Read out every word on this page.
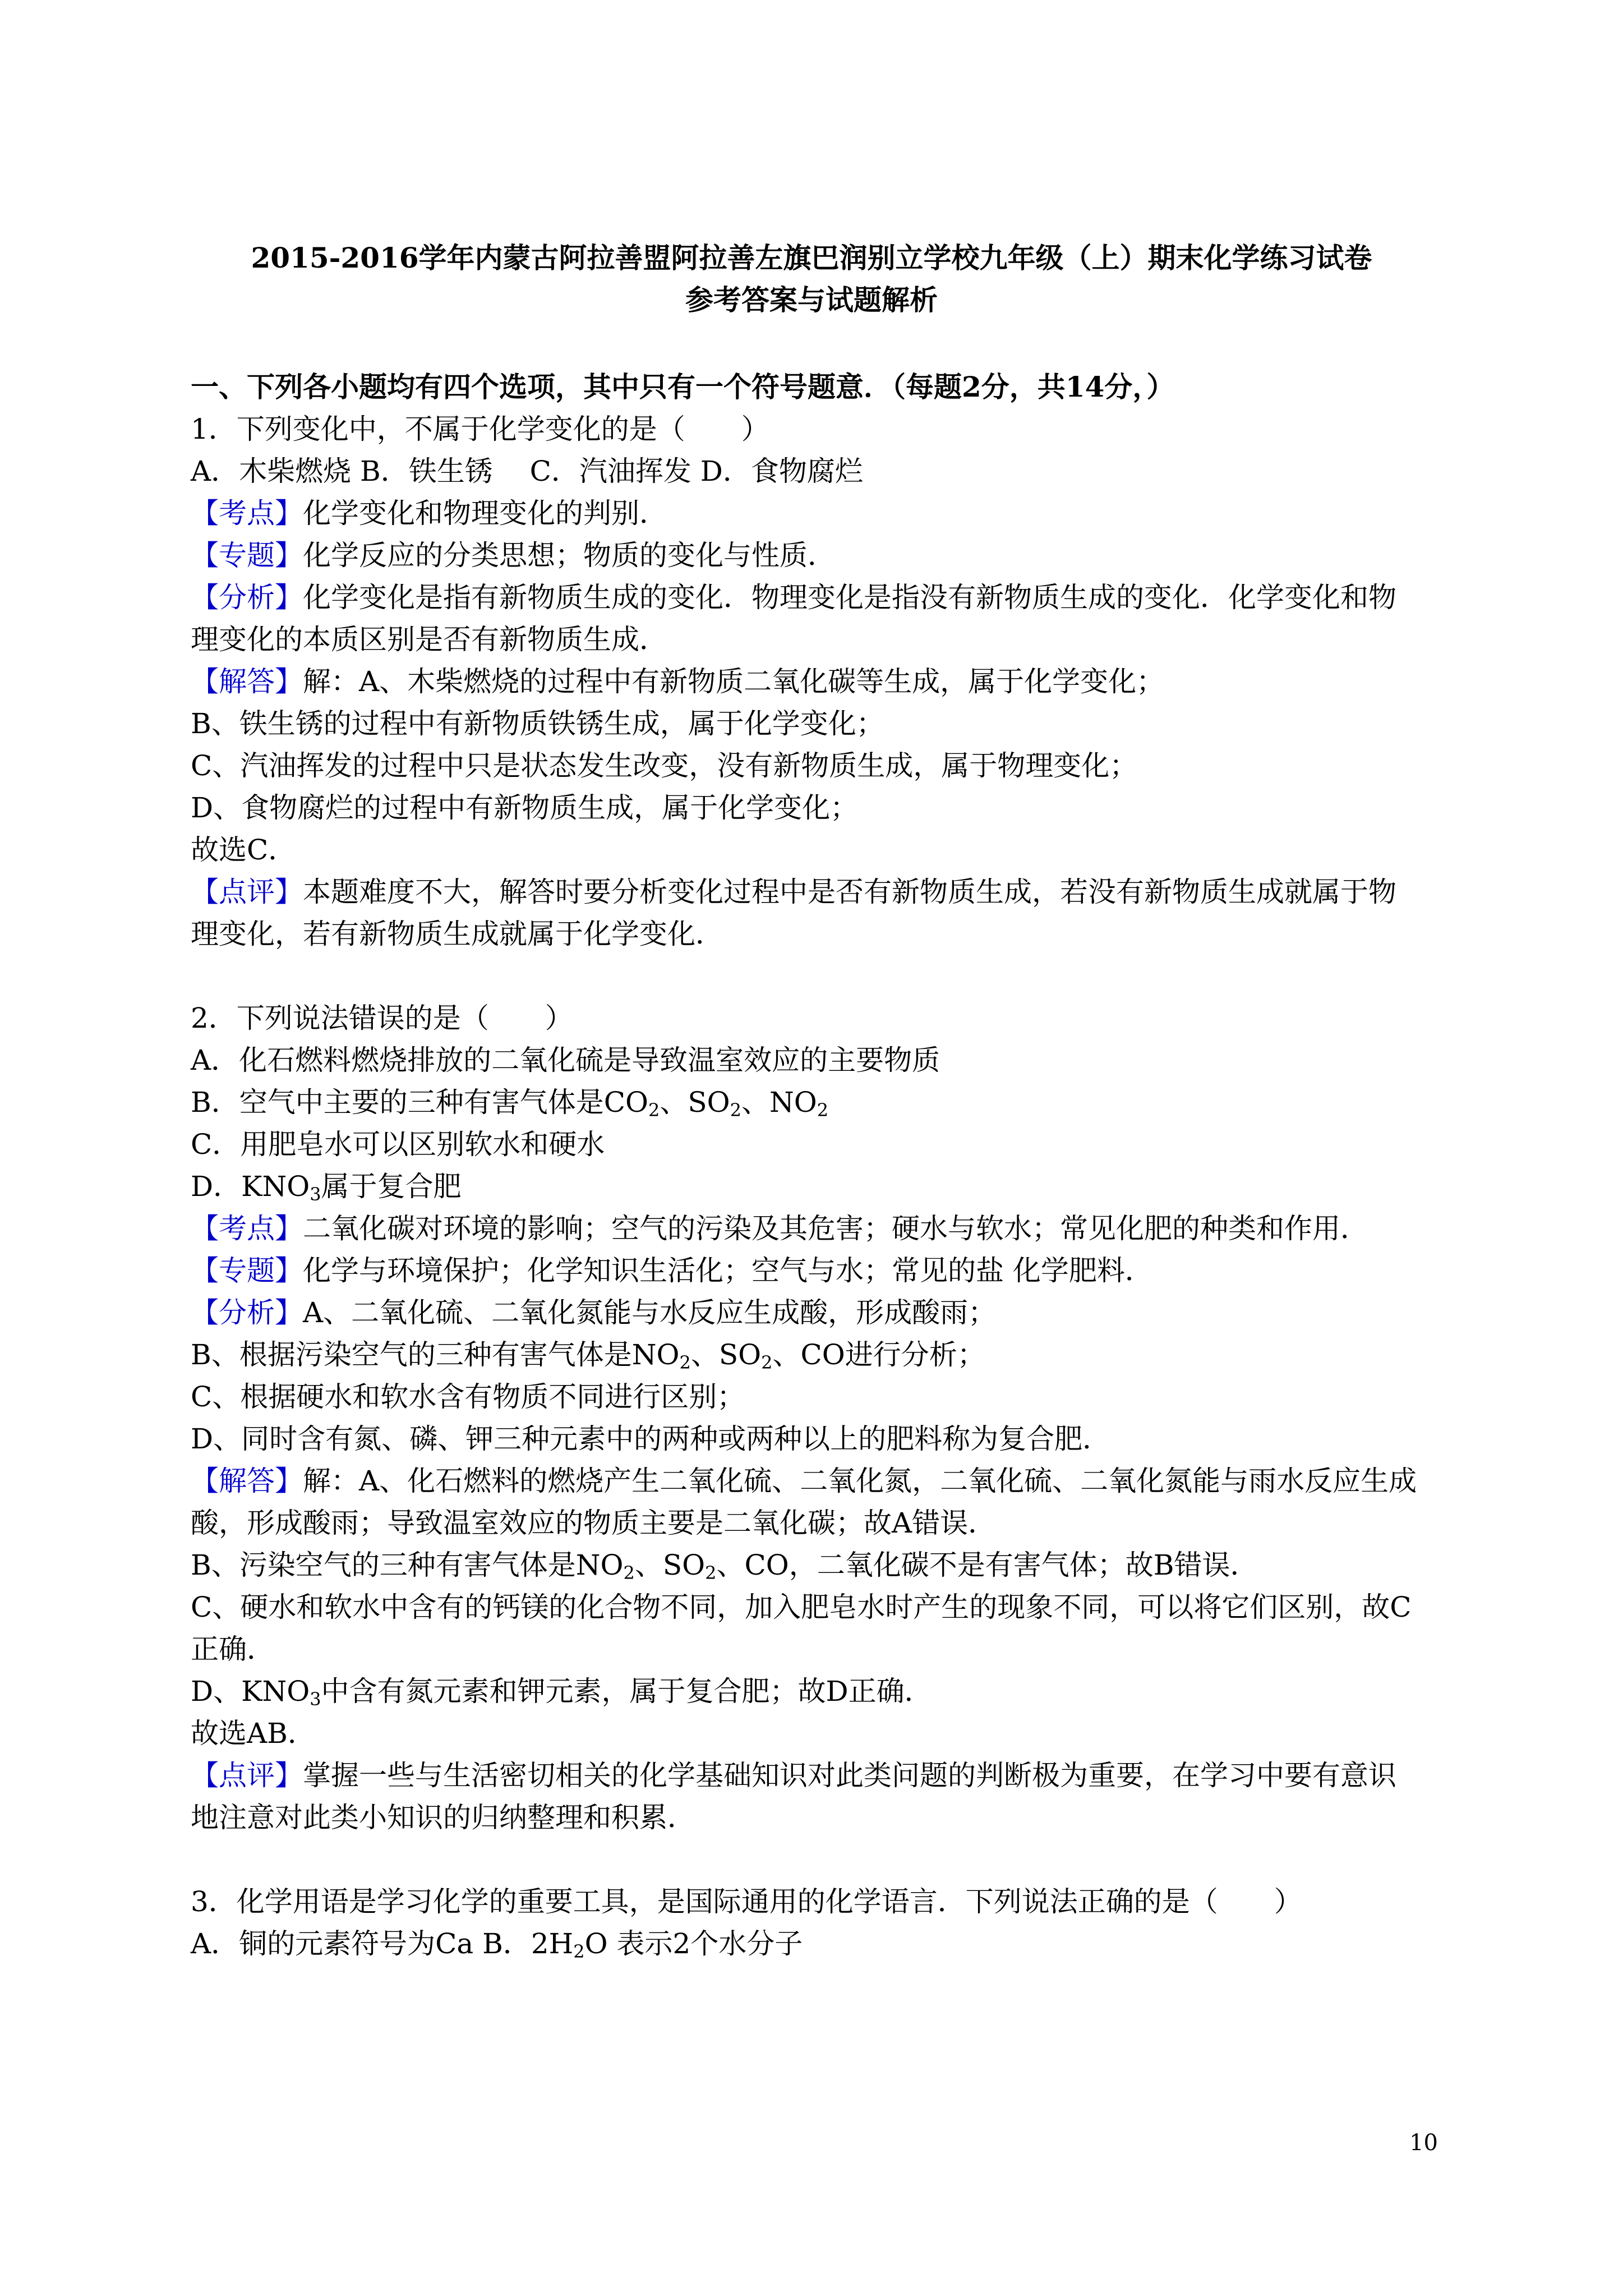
2015-2016学年内蒙古阿拉善盟阿拉善左旗巴润别立学校九年级（上）期末化学练习试卷
参考答案与试题解析
一、下列各小题均有四个选项，其中只有一个符号题意．（每题2分，共14分，）
1．下列变化中，不属于化学变化的是（　　）
A．木柴燃烧 B．铁生锈　 C．汽油挥发 D．食物腐烂
【考点】化学变化和物理变化的判别．
【专题】化学反应的分类思想；物质的变化与性质．
【分析】化学变化是指有新物质生成的变化．物理变化是指没有新物质生成的变化．化学变化和物
理变化的本质区别是否有新物质生成．
【解答】解：A、木柴燃烧的过程中有新物质二氧化碳等生成，属于化学变化；
B、铁生锈的过程中有新物质铁锈生成，属于化学变化；
C、汽油挥发的过程中只是状态发生改变，没有新物质生成，属于物理变化；
D、食物腐烂的过程中有新物质生成，属于化学变化；
故选C．
【点评】本题难度不大，解答时要分析变化过程中是否有新物质生成，若没有新物质生成就属于物
理变化，若有新物质生成就属于化学变化．
2．下列说法错误的是（　　）
A．化石燃料燃烧排放的二氧化硫是导致温室效应的主要物质
B．空气中主要的三种有害气体是$CO_2$、$SO_2$、$NO_2$
C．用肥皂水可以区别软水和硬水
D．$KNO_3$属于复合肥
【考点】二氧化碳对环境的影响；空气的污染及其危害；硬水与软水；常见化肥的种类和作用．
【专题】化学与环境保护；化学知识生活化；空气与水；常见的盐 化学肥料．
【分析】A、二氧化硫、二氧化氮能与水反应生成酸，形成酸雨；
B、根据污染空气的三种有害气体是$NO_2$、$SO_2$、CO进行分析；
C、根据硬水和软水含有物质不同进行区别；
D、同时含有氮、磷、钾三种元素中的两种或两种以上的肥料称为复合肥．
【解答】解：A、化石燃料的燃烧产生二氧化硫、二氧化氮，二氧化硫、二氧化氮能与雨水反应生成
酸，形成酸雨；导致温室效应的物质主要是二氧化碳；故A错误．
B、污染空气的三种有害气体是$NO_2$、$SO_2$、CO，二氧化碳不是有害气体；故B错误．
C、硬水和软水中含有的钙镁的化合物不同，加入肥皂水时产生的现象不同，可以将它们区别，故C
正确．
D、$KNO_3$中含有氮元素和钾元素，属于复合肥；故D正确．
故选AB．
【点评】掌握一些与生活密切相关的化学基础知识对此类问题的判断极为重要，在学习中要有意识
地注意对此类小知识的归纳整理和积累．
3．化学用语是学习化学的重要工具，是国际通用的化学语言．下列说法正确的是（　　）
A．铜的元素符号为Ca B．$2H_2O$ 表示2个水分子
10
